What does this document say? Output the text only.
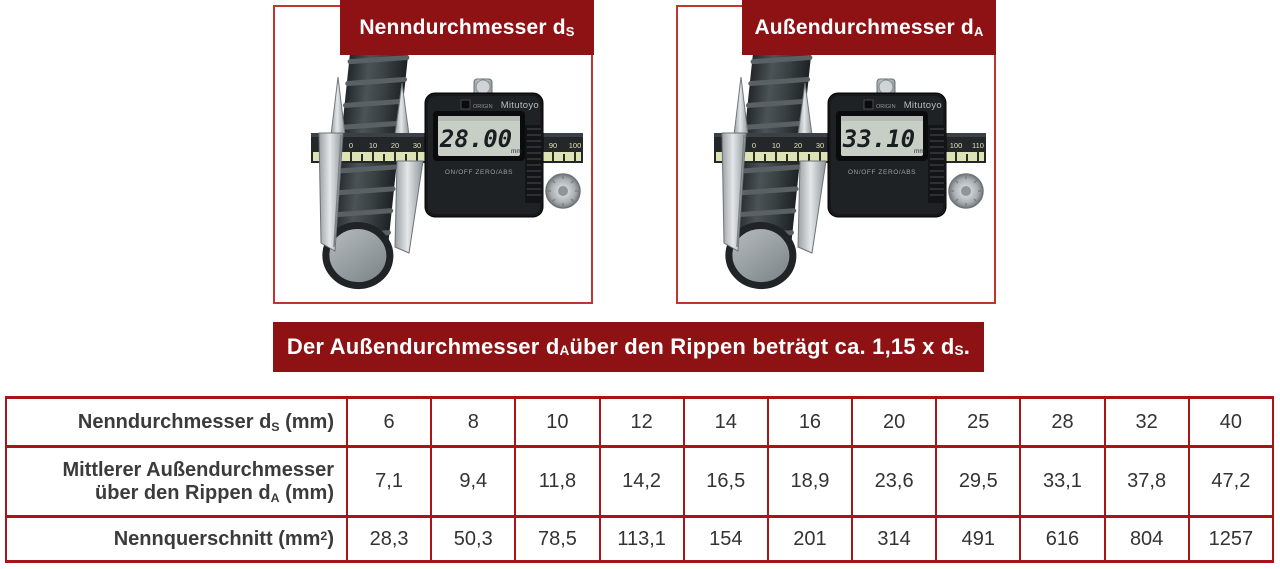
0 10 20 30	90 100
28.00
mm
ORIGIN Mitutoyo
ON/OFF ZERO/ABS
0 10 20 30	100 110
33.10
mm
ORIGIN Mitutoyo
ON/OFF ZERO/ABS
Nenndurchmesser d S	Außendurchmesser d A
Der Außendurchmesser d A über den Rippen beträgt ca. 1,15 x d S .
Nenndurchmesser dS (mm)	6	8	10	12	14	16	20	25	28	32	40
Mittlerer Außendurchmesser
über den Rippen dA (mm)	7,1	9,4	11,8	14,2	16,5	18,9	23,6	29,5	33,1	37,8	47,2
Nennquerschnitt $(mm^2)$	28,3	50,3	78,5	113,1	154	201	314	491	616	804	1257
